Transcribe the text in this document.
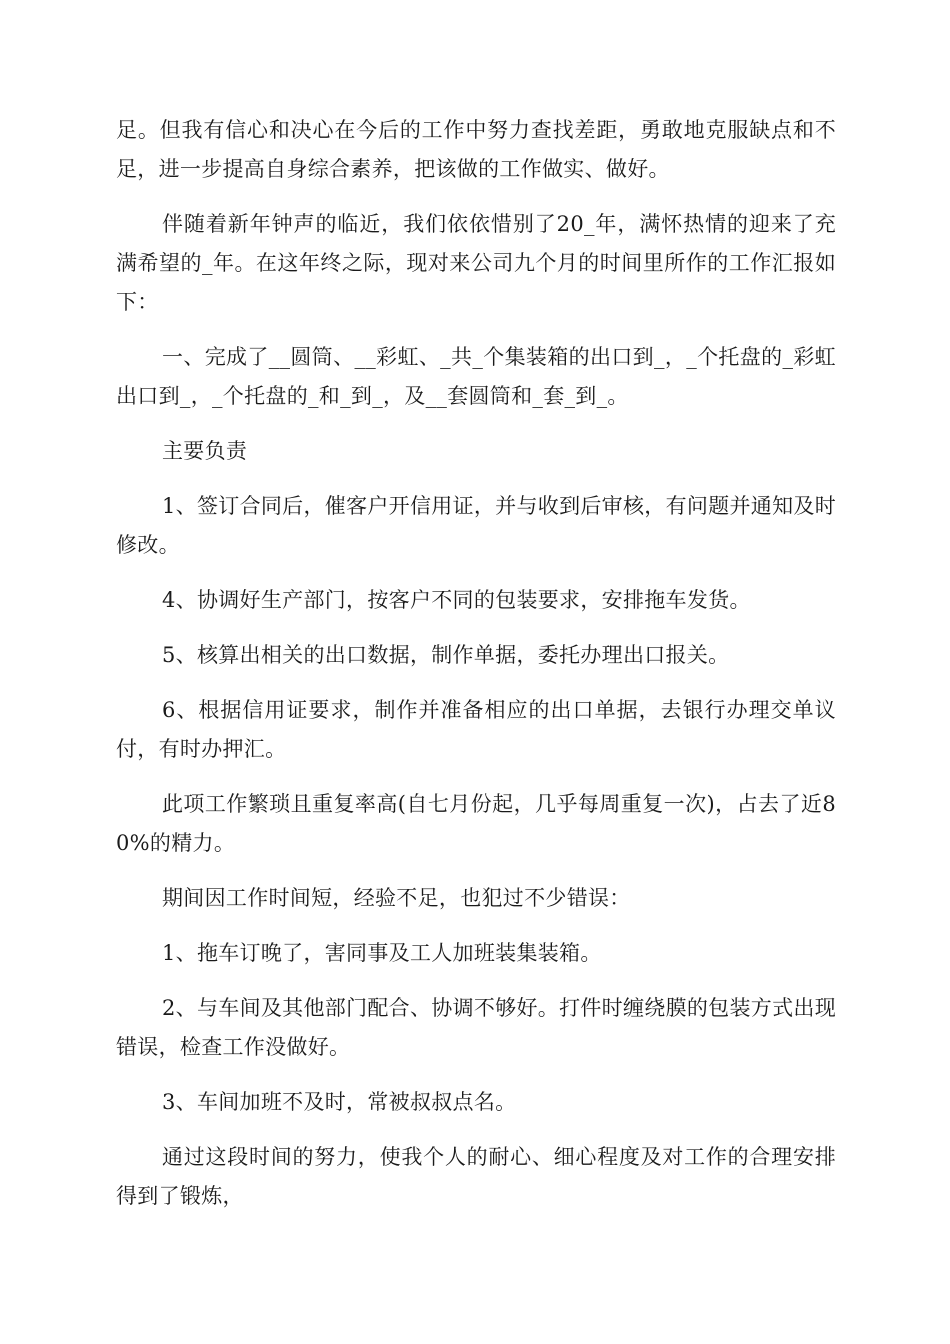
足。但我有信心和决心在今后的工作中努力查找差距，勇敢地克服缺点和不足，进一步提高自身综合素养，把该做的工作做实、做好。

伴随着新年钟声的临近，我们依依惜别了20_年，满怀热情的迎来了充满希望的_年。在这年终之际，现对来公司九个月的时间里所作的工作汇报如下：

一、完成了__圆筒、__彩虹、_共_个集装箱的出口到_，_个托盘的_彩虹出口到_，_个托盘的_和_到_，及__套圆筒和_套_到_。

主要负责

1、签订合同后，催客户开信用证，并与收到后审核，有问题并通知及时修改。

4、协调好生产部门，按客户不同的包装要求，安排拖车发货。

5、核算出相关的出口数据，制作单据，委托办理出口报关。

6、根据信用证要求，制作并准备相应的出口单据，去银行办理交单议付，有时办押汇。

此项工作繁琐且重复率高(自七月份起，几乎每周重复一次)，占去了近80%的精力。

期间因工作时间短，经验不足，也犯过不少错误：

1、拖车订晚了，害同事及工人加班装集装箱。

2、与车间及其他部门配合、协调不够好。打件时缠绕膜的包装方式出现错误，检查工作没做好。

3、车间加班不及时，常被叔叔点名。

通过这段时间的努力，使我个人的耐心、细心程度及对工作的合理安排得到了锻炼，
